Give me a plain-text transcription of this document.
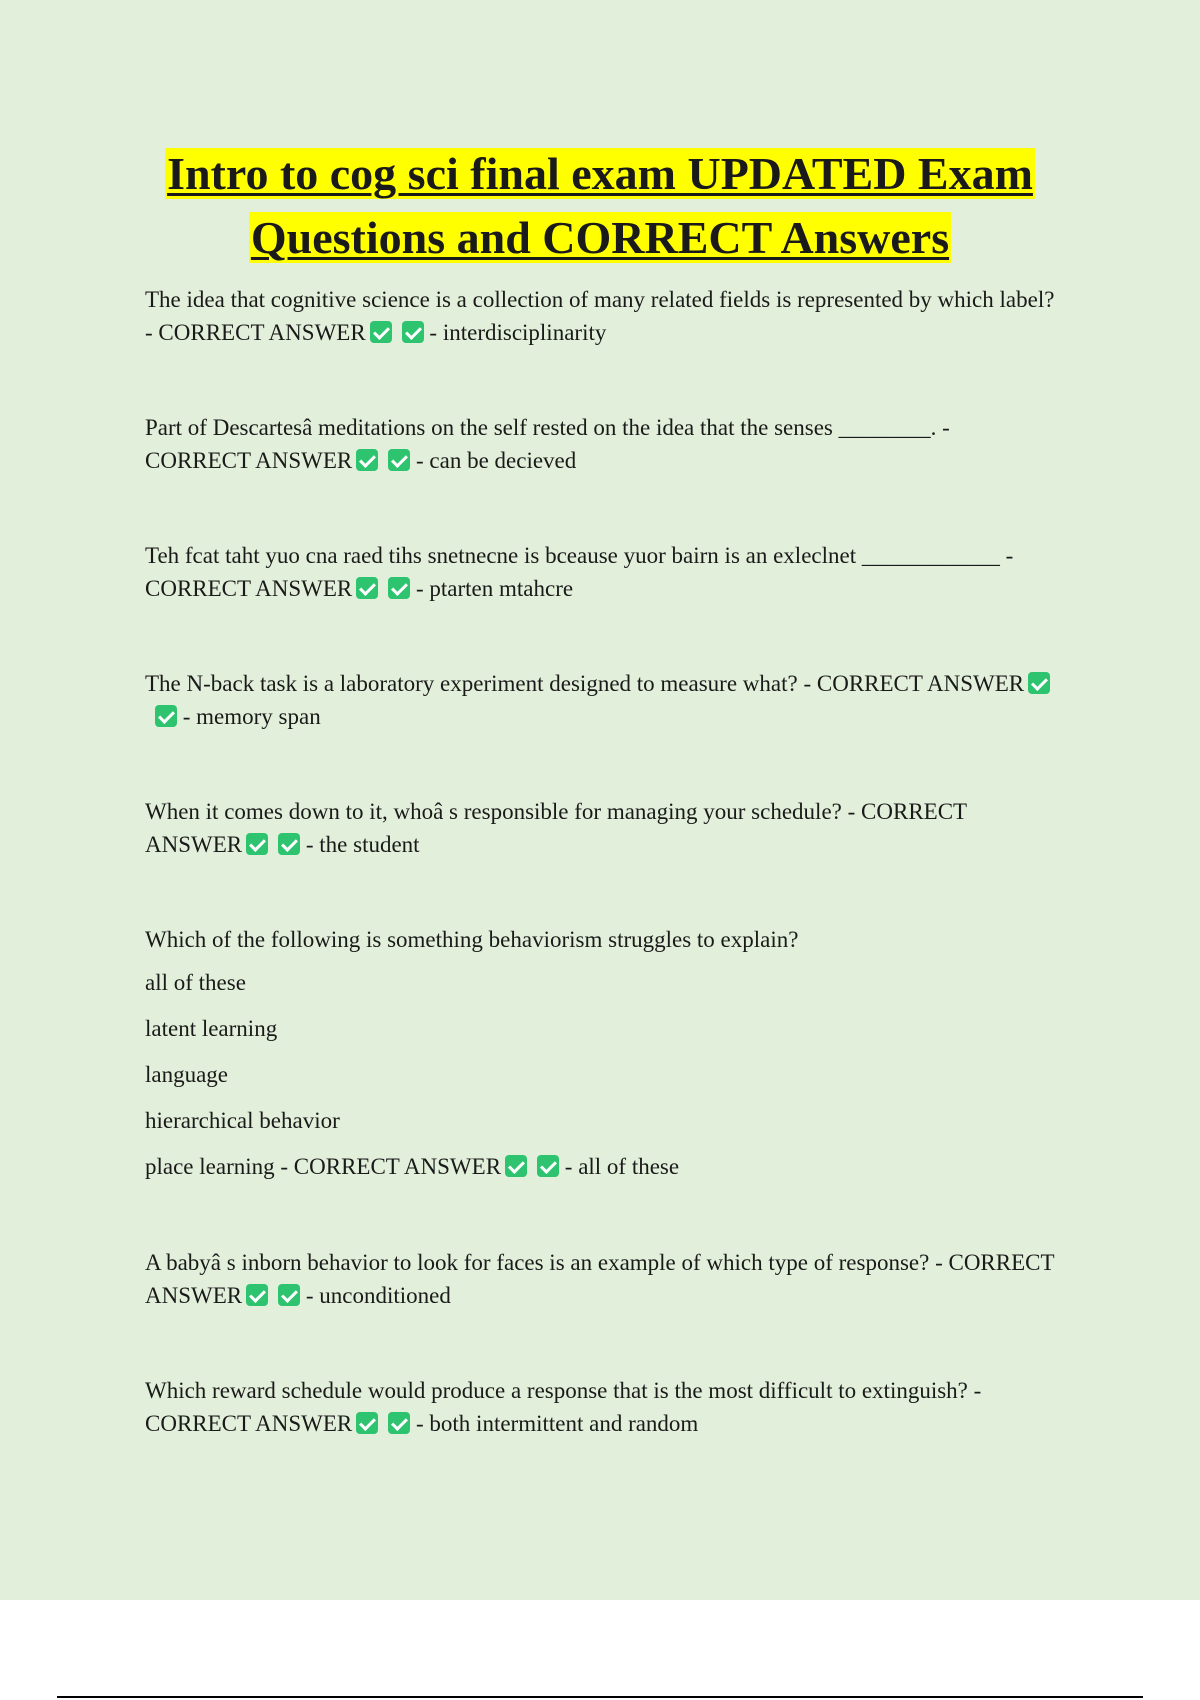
Intro to cog sci final exam UPDATED Exam
Questions and CORRECT Answers

The idea that cognitive science is a collection of many related fields is represented by which label? - CORRECT ANSWER	- interdisciplinarity

Part of Descartesâ meditations on the self rested on the idea that the senses ________. - CORRECT ANSWER	- can be decieved

Teh fcat taht yuo cna raed tihs snetnecne is bceause yuor bairn is an exleclnet ____________ - CORRECT ANSWER	- ptarten mtahcre

The N-back task is a laboratory experiment designed to measure what? - CORRECT ANSWER - memory span

When it comes down to it, whoâ s responsible for managing your schedule? - CORRECT ANSWER	- the student

Which of the following is something behaviorism struggles to explain?

all of these

latent learning

language

hierarchical behavior

place learning - CORRECT ANSWER	- all of these

A babyâ s inborn behavior to look for faces is an example of which type of response? - CORRECT ANSWER	- unconditioned

Which reward schedule would produce a response that is the most difficult to extinguish? - CORRECT ANSWER	- both intermittent and random
